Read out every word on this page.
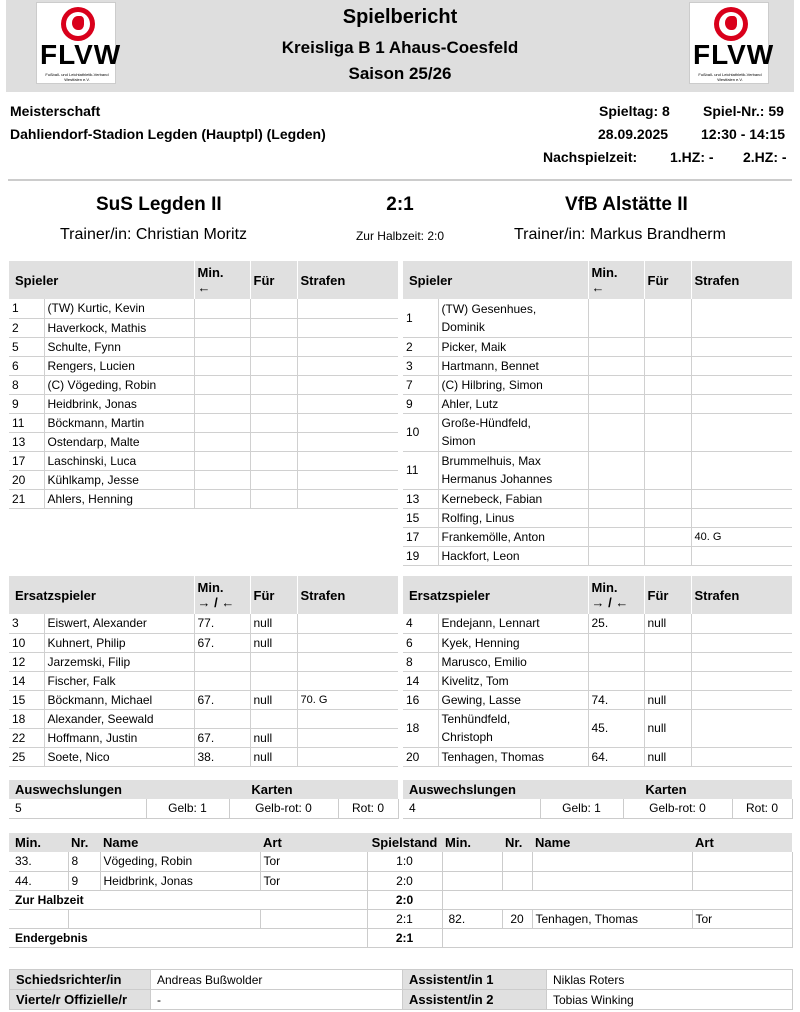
FLVW
Fußball- und Leichtathletik-Verband
Westfalen e.V.
FLVW
Fußball- und Leichtathletik-Verband
Westfalen e.V.
Spielbericht
Kreisliga B 1 Ahaus-Coesfeld
Saison 25/26
Meisterschaft
Dahliendorf-Stadion Legden (Hauptpl) (Legden)
Spieltag: 8 Spiel-Nr.: 59
28.09.2025 12:30 - 14:15
Nachspielzeit: 1.HZ: - 2.HZ: -
SuS Legden II	2:1	VfB Alstätte II
Trainer/in: Christian Moritz	Zur Halbzeit: 2:0	Trainer/in: Markus Brandherm
Spieler		Min.
←	Für	Strafen
1	(TW) Kurtic, Kevin			
2	Haverkock, Mathis			
5	Schulte, Fynn			
6	Rengers, Lucien			
8	(C) Vögeding, Robin			
9	Heidbrink, Jonas			
11	Böckmann, Martin			
13	Ostendarp, Malte			
17	Laschinski, Luca			
20	Kühlkamp, Jesse			
21	Ahlers, Henning			
Spieler		Min.
←	Für	Strafen
1	(TW) Gesenhues,
Dominik			
2	Picker, Maik			
3	Hartmann, Bennet			
7	(C) Hilbring, Simon			
9	Ahler, Lutz			
10	Große-Hündfeld,
Simon			
11	Brummelhuis, Max
Hermanus Johannes			
13	Kernebeck, Fabian			
15	Rolfing, Linus			
17	Frankemölle, Anton			40. G
19	Hackfort, Leon			
Ersatzspieler		Min.
→ / ←	Für	Strafen
3	Eiswert, Alexander	77.	null	
10	Kuhnert, Philip	67.	null	
12	Jarzemski, Filip			
14	Fischer, Falk			
15	Böckmann, Michael	67.	null	70. G
18	Alexander, Seewald			
22	Hoffmann, Justin	67.	null	
25	Soete, Nico	38.	null	
Ersatzspieler		Min.
→ / ←	Für	Strafen
4	Endejann, Lennart	25.	null	
6	Kyek, Henning			
8	Marusco, Emilio			
14	Kivelitz, Tom			
16	Gewing, Lasse	74.	null	
18	Tenhündfeld,
Christoph	45.	null	
20	Tenhagen, Thomas	64.	null	
Auswechslungen	Karten		
5	Gelb: 1	Gelb-rot: 0	Rot: 0
Auswechslungen	Karten		
4	Gelb: 1	Gelb-rot: 0	Rot: 0
Min.	Nr.	Name	Art	Spielstand	Min.	Nr.	Name	Art
33.	8	Vögeding, Robin	Tor	1:0				
44.	9	Heidbrink, Jonas	Tor	2:0				
Zur Halbzeit				2:0				
				2:1	82.	20	Tenhagen, Thomas	Tor
Endergebnis				2:1				
Schiedsrichter/in	Andreas Bußwolder	Assistent/in 1	Niklas Roters
Vierte/r Offizielle/r	-	Assistent/in 2	Tobias Winking
